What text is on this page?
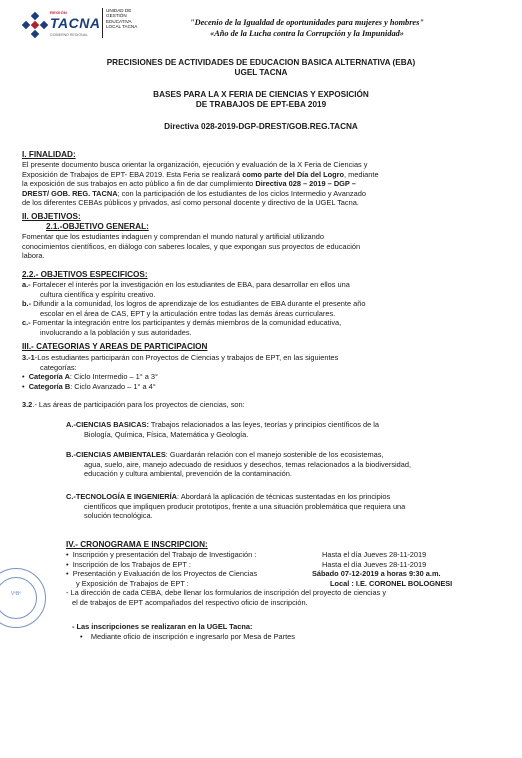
REGIÓN
TACNA
GOBIERNO REGIONAL
UNIDAD DE
GESTIÓN
EDUCATIVA
LOCAL TACNA	"Decenio de la Igualdad de oportunidades para mujeres y hombres"
«Año de la Lucha contra la Corrupción y la Impunidad»
PRECISIONES DE ACTIVIDADES DE EDUCACION BASICA ALTERNATIVA (EBA)
UGEL TACNA
BASES PARA LA X FERIA DE CIENCIAS Y EXPOSICIÓN
DE TRABAJOS DE EPT-EBA 2019
Directiva 028-2019-DGP-DREST/GOB.REG.TACNA
I. FINALIDAD:
El presente documento busca orientar la organización, ejecución y evaluación de la X Feria de Ciencias y
Exposición de Trabajos de EPT- EBA 2019. Esta Feria se realizará como parte del Día del Logro, mediante
la exposición de sus trabajos en acto público a fin de dar cumplimiento Directiva 028 – 2019 – DGP –
DREST/ GOB. REG. TACNA; con la participación de los estudiantes de los ciclos Intermedio y Avanzado
de los diferentes CEBAs públicos y privados, así como personal docente y directivo de la UGEL Tacna.
II. OBJETIVOS:
2.1.-OBJETIVO GENERAL:
Fomentar que los estudiantes indaguen y comprendan el mundo natural y artificial utilizando
conocimientos científicos, en diálogo con saberes locales, y que expongan sus proyectos de educación
labora.
2.2.- OBJETIVOS ESPECIFICOS:
a.- Fortalecer el interés por la investigación en los estudiantes de EBA, para desarrollar en ellos una
cultura científica y espíritu creativo.
b.- Difundir a la comunidad, los logros de aprendizaje de los estudiantes de EBA durante el presente año
escolar en el área de CAS, EPT y la articulación entre todas las demás áreas curriculares.
c.- Fomentar la integración entre los participantes y demás miembros de la comunidad educativa,
involucrando a la población y sus autoridades.
III.- CATEGORIAS Y AREAS DE PARTICIPACION
3.-1-Los estudiantes participarán con Proyectos de Ciencias y trabajos de EPT, en las siguientes
categorías:
•  Categoría A: Ciclo Intermedio – 1° a 3°
•  Categoría B: Ciclo Avanzado – 1° a 4°
3.2.- Las áreas de participación para los proyectos de ciencias, son:
A.-CIENCIAS BASICAS: Trabajos relacionados a las leyes, teorías y principios científicos de la
Biología, Química, Física, Matemática y Geología.
B.-CIENCIAS AMBIENTALES: Guardarán relación con el manejo sostenible de los ecosistemas,
agua, suelo, aire, manejo adecuado de residuos y desechos, temas relacionados a la biodiversidad,
educación y cultura ambiental, prevención de la contaminación.
C.-TECNOLOGÍA E INGENIERÍA: Abordará la aplicación de técnicas sustentadas en los principios
científicos que impliquen producir prototipos, frente a una situación problemática que requiera una
solución tecnológica.
VºBº
IV.- CRONOGRAMA E INSCRIPCION:
•  Inscripción y presentación del Trabajo de Investigación :	Hasta el día Jueves 28-11-2019
•  Inscripción de los Trabajos de EPT :	Hasta el día Jueves 28-11-2019
•  Presentación y Evaluación de los Proyectos de Ciencias	Sábado 07-12-2019 a horas 9:30 a.m.
y Exposición de Trabajos de EPT :	Local : I.E. CORONEL BOLOGNESI
- La dirección de cada CEBA, debe llenar los formularios de inscripción del proyecto de ciencias y
el de trabajos de EPT acompañados del respectivo oficio de inscripción.
- Las inscripciones se realizaran en la UGEL Tacna:
•    Mediante oficio de inscripción e ingresarlo por Mesa de Partes
